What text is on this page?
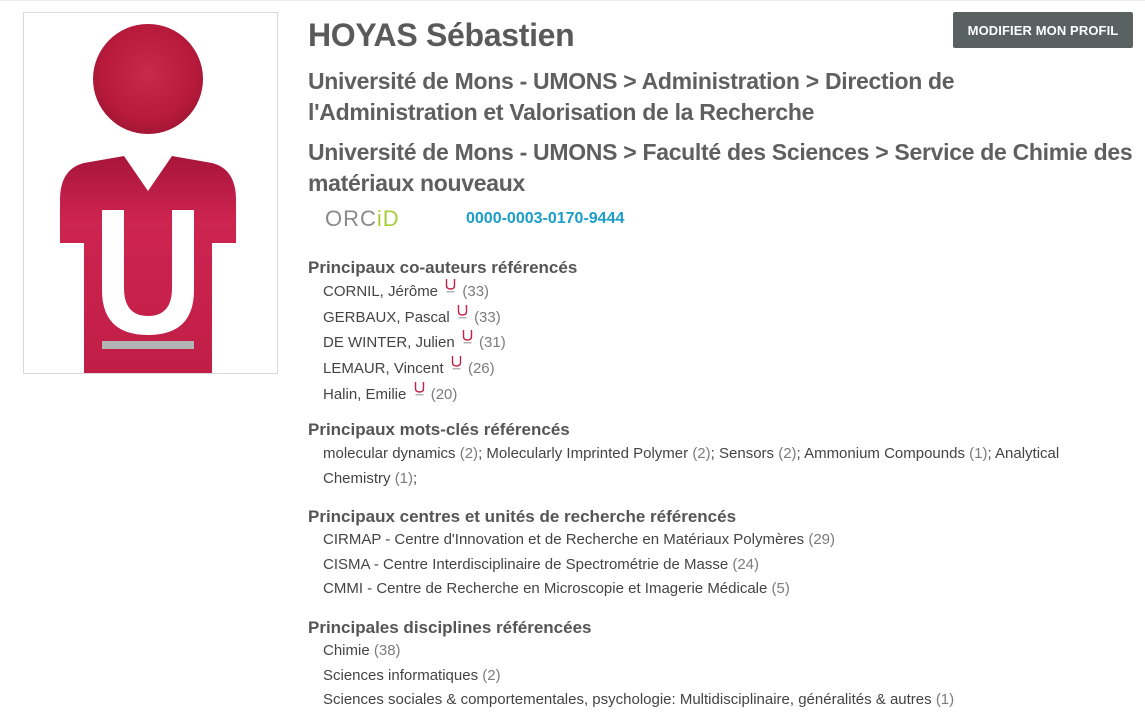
MODIFIER MON PROFIL
HOYAS Sébastien
Université de Mons - UMONS > Administration > Direction de l'Administration et Valorisation de la Recherche
Université de Mons - UMONS > Faculté des Sciences > Service de Chimie des matériaux nouveaux
ORCiD	0000-0003-0170-9444
Principaux co-auteurs référencés
CORNIL, Jérôme (33)
GERBAUX, Pascal (33)
DE WINTER, Julien (31)
LEMAUR, Vincent (26)
Halin, Emilie (20)
Principaux mots-clés référencés

molecular dynamics (2); Molecularly Imprinted Polymer (2); Sensors (2); Ammonium Compounds (1); Analytical Chemistry (1);

Principaux centres et unités de recherche référencés
CIRMAP - Centre d'Innovation et de Recherche en Matériaux Polymères (29)
CISMA - Centre Interdisciplinaire de Spectrométrie de Masse (24)
CMMI - Centre de Recherche en Microscopie et Imagerie Médicale (5)
Principales disciplines référencées
Chimie (38)
Sciences informatiques (2)
Sciences sociales & comportementales, psychologie: Multidisciplinaire, généralités & autres (1)
